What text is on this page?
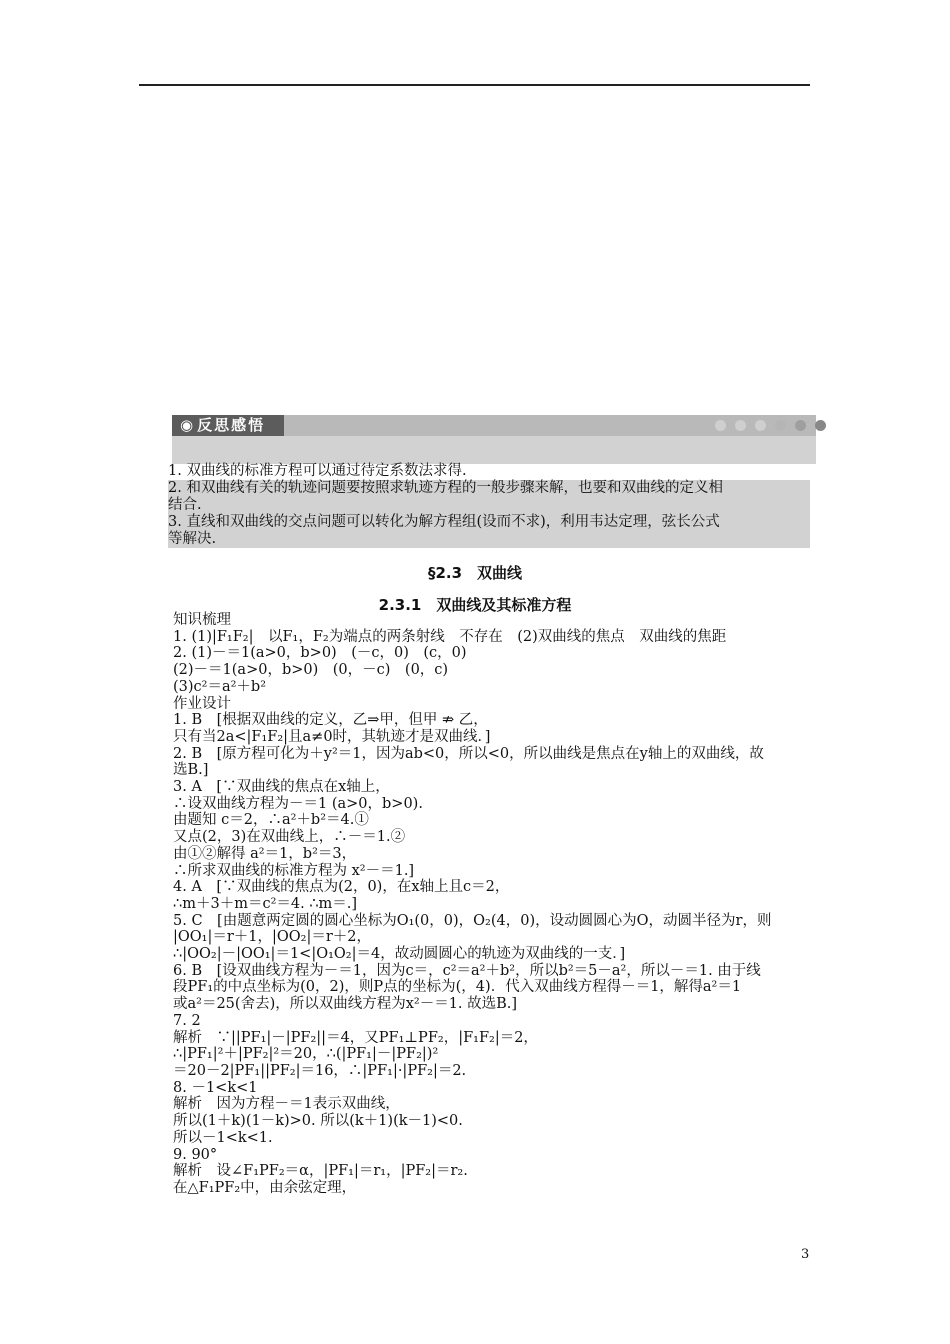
◉ 反思感悟
1. 双曲线的标准方程可以通过待定系数法求得.
2. 和双曲线有关的轨迹问题要按照求轨迹方程的一般步骤来解，也要和双曲线的定义相
结合.
3. 直线和双曲线的交点问题可以转化为解方程组(设而不求)，利用韦达定理，弦长公式
等解决.
§2.3　双曲线
2.3.1　双曲线及其标准方程
知识梳理
1. (1)|F₁F₂|　以F₁，F₂为端点的两条射线　不存在　(2)双曲线的焦点　双曲线的焦距
2. (1)－＝1(a>0，b>0)　(－c，0)　(c，0)
(2)－＝1(a>0，b>0)　(0，－c)　(0，c)
(3)c²＝a²＋b²
作业设计
1. B　[根据双曲线的定义，乙⇒甲，但甲 ⇏ 乙，
只有当2a<|F₁F₂|且a≠0时，其轨迹才是双曲线．]
2. B　[原方程可化为＋y²＝1，因为ab<0，所以<0，所以曲线是焦点在y轴上的双曲线，故
选B.]
3. A　[∵双曲线的焦点在x轴上，
∴设双曲线方程为－＝1 (a>0，b>0).
由题知 c＝2，∴a²＋b²＝4.①
又点(2，3)在双曲线上，∴－＝1.②
由①②解得 a²＝1，b²＝3，
∴所求双曲线的标准方程为 x²－＝1.]
4. A　[∵双曲线的焦点为(2，0)，在x轴上且c＝2，
∴m＋3＋m＝c²＝4. ∴m＝.]
5. C　[由题意两定圆的圆心坐标为O₁(0，0)，O₂(4，0)，设动圆圆心为O，动圆半径为r，则
|OO₁|＝r＋1，|OO₂|＝r＋2，
∴|OO₂|－|OO₁|＝1<|O₁O₂|＝4，故动圆圆心的轨迹为双曲线的一支．]
6. B　[设双曲线方程为－＝1，因为c＝，c²＝a²＋b²，所以b²＝5－a²，所以－＝1. 由于线
段PF₁的中点坐标为(0，2)，则P点的坐标为(，4)．代入双曲线方程得－＝1，解得a²＝1
或a²＝25(舍去)，所以双曲线方程为x²－＝1. 故选B.]
7. 2
解析　∵||PF₁|－|PF₂||＝4，又PF₁⊥PF₂，|F₁F₂|＝2，
∴|PF₁|²＋|PF₂|²＝20，∴(|PF₁|－|PF₂|)²
＝20－2|PF₁||PF₂|＝16，∴|PF₁|·|PF₂|＝2.
8. －1<k<1
解析　因为方程－＝1表示双曲线，
所以(1＋k)(1－k)>0. 所以(k＋1)(k－1)<0.
所以－1<k<1.
9. 90°
解析　设∠F₁PF₂＝α，|PF₁|＝r₁，|PF₂|＝r₂.
在△F₁PF₂中，由余弦定理，
3
